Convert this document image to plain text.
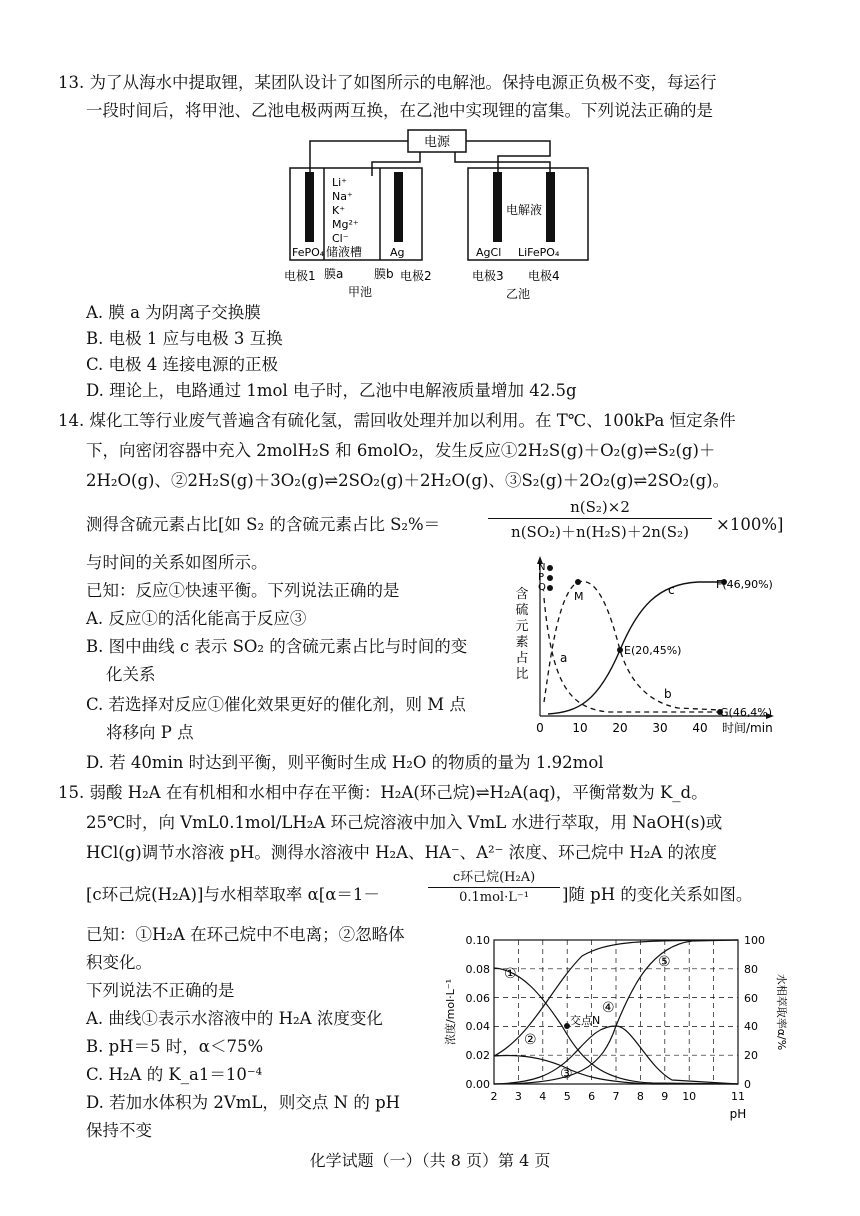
13. 为了从海水中提取锂，某团队设计了如图所示的电解池。保持电源正负极不变，每运行
一段时间后，将甲池、乙池电极两两互换，在乙池中实现锂的富集。下列说法正确的是
电源
Li⁺
Na⁺
K⁺
Mg²⁺
Cl⁻
储液槽
FePO₄	Ag
电解液
AgCl LiFePO₄
电极1 膜a	膜b 电极2
甲池
电极3 电极4
乙池
A. 膜 a 为阴离子交换膜
B. 电极 1 应与电极 3 互换
C. 电极 4 连接电源的正极
D. 理论上，电路通过 1mol 电子时，乙池中电解液质量增加 42.5g
14. 煤化工等行业废气普遍含有硫化氢，需回收处理并加以利用。在 T℃、100kPa 恒定条件
下，向密闭容器中充入 2molH₂S 和 6molO₂，发生反应①2H₂S(g)＋O₂(g)⇌S₂(g)＋
2H₂O(g)、②2H₂S(g)＋3O₂(g)⇌2SO₂(g)＋2H₂O(g)、③S₂(g)＋2O₂(g)⇌2SO₂(g)。
测得含硫元素占比[如 S₂ 的含硫元素占比 S₂%＝	$\frac{\text{n(S₂)×2}}{\text{n(SO₂)＋n(H₂S)＋2n(S₂)}} \times 100\%$]
与时间的关系如图所示。
已知：反应①快速平衡。下列说法正确的是
A. 反应①的活化能高于反应③
B. 图中曲线 c 表示 SO₂ 的含硫元素占比与时间的变
化关系
C. 若选择对反应①催化效果更好的催化剂，则 M 点
将移向 P 点
D. 若 40min 时达到平衡，则平衡时生成 H₂O 的物质的量为 1.92mol
含硫元素占比
0 10 20 30 40 时间/min
N
P
Q
M
a
b
c
E(20,45%)
F(46,90%)
G(46,4%)
15. 弱酸 H₂A 在有机相和水相中存在平衡：H₂A(环己烷)⇌H₂A(aq)，平衡常数为 K_d。
25℃时，向 VmL0.1mol/LH₂A 环己烷溶液中加入 VmL 水进行萃取，用 NaOH(s)或
HCl(g)调节水溶液 pH。测得水溶液中 H₂A、HA⁻、A²⁻ 浓度、环己烷中 H₂A 的浓度
[c环己烷(H₂A)]与水相萃取率 α[α＝1－
c环己烷(H₂A)
0.1mol·L⁻¹	]随 pH 的变化关系如图。
已知：①H₂A 在环己烷中不电离；②忽略体
积变化。
下列说法不正确的是
A. 曲线①表示水溶液中的 H₂A 浓度变化
B. pH＝5 时，α＜75%
C. H₂A 的 K_a1＝10⁻⁴
D. 若加水体积为 2VmL，则交点 N 的 pH
保持不变
0.10
0.08
0.06
0.04
0.02
0.00
100
80
60
40
20
0
2 3 4 5 6 7 8 9 10	11
pH
浓度/mol·L⁻¹	水相萃取率α/%
①
②
③
④
⑤
交点N
化学试题（一）（共 8 页）第 4 页
